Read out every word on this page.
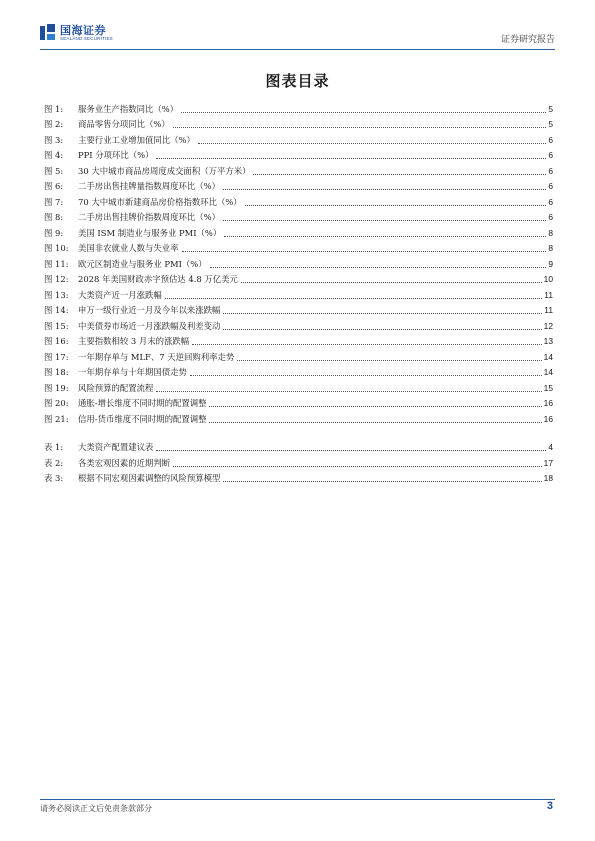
国海证券
SEALAND SECURITIES	证券研究报告
图表目录
图 1:	服务业生产指数同比（%）	5
图 2:	商品零售分项同比（%）	5
图 3:	主要行业工业增加值同比（%）	6
图 4:	PPI 分项环比（%）	6
图 5:	30 大中城市商品房周度成交面积（万平方米）	6
图 6:	二手房出售挂牌量指数周度环比（%）	6
图 7:	70 大中城市新建商品房价格指数环比（%）	6
图 8:	二手房出售挂牌价指数周度环比（%）	6
图 9:	美国 ISM 制造业与服务业 PMI（%）	8
图 10:	美国非农就业人数与失业率	8
图 11:	欧元区制造业与服务业 PMI（%）	9
图 12:	2028 年美国财政赤字预估达 4.8 万亿美元	10
图 13:	大类资产近一月涨跌幅	11
图 14:	申万一级行业近一月及今年以来涨跌幅	11
图 15:	中美债券市场近一月涨跌幅及利差变动	12
图 16:	主要指数相较 3 月末的涨跌幅	13
图 17:	一年期存单与 MLF、7 天逆回购利率走势	14
图 18:	一年期存单与十年期国债走势	14
图 19:	风险预算的配置流程	15
图 20:	通胀-增长维度不同时期的配置调整	16
图 21:	信用-货币维度不同时期的配置调整	16
表 1:	大类资产配置建议表	4
表 2:	各类宏观因素的近期判断	17
表 3:	根据不同宏观因素调整的风险预算模型	18
请务必阅读正文后免责条款部分	3
